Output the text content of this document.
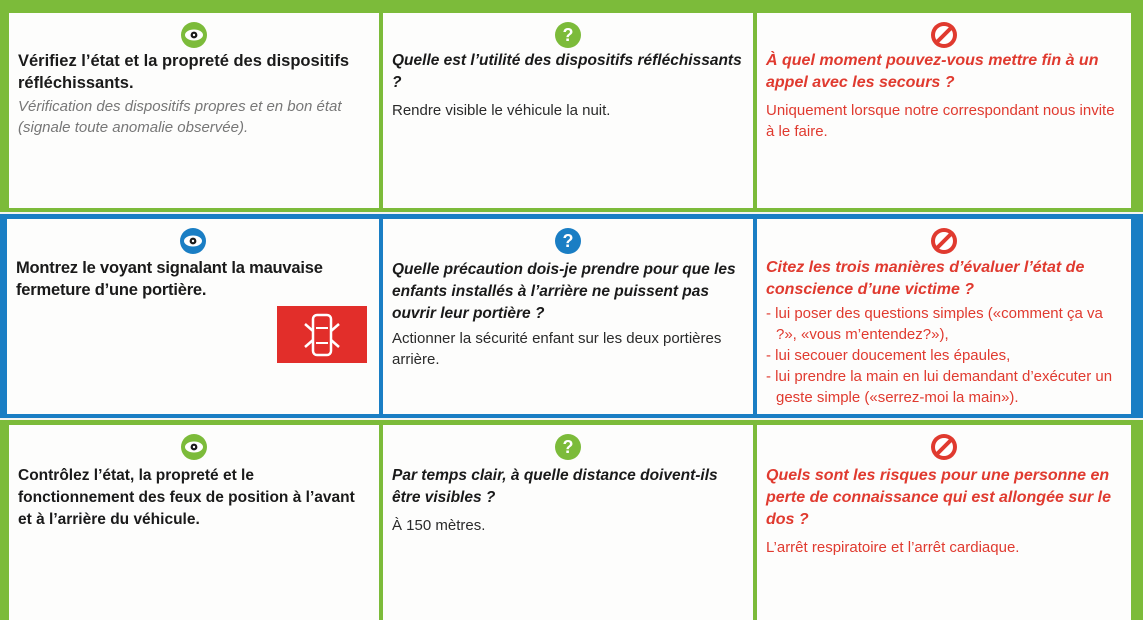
Vérifiez l’état et la propreté des dispositifs réfléchissants.
Vérification des dispositifs propres et en bon état (signale toute anomalie observée).
?
Quelle est l’utilité des dispositifs réfléchissants ?
Rendre visible le véhicule la nuit.
À quel moment pouvez-vous mettre fin à un appel avec les secours ?
Uniquement lorsque notre correspondant nous invite à le faire.
Montrez le voyant signalant la mauvaise fermeture d’une portière.
?
Quelle précaution dois-je prendre pour que les enfants installés à l’arrière ne puissent pas ouvrir leur portière ?
Actionner la sécurité enfant sur les deux portières arrière.
Citez les trois manières d’évaluer l’état de conscience d’une victime ?
- lui poser des questions simples («comment ça va ?», «vous m’entendez?»),
- lui secouer doucement les épaules,
- lui prendre la main en lui demandant d’exécuter un geste simple («serrez-moi la main»).
Contrôlez l’état, la propreté et le fonctionnement des feux de position à l’avant et à l’arrière du véhicule.
?
Par temps clair, à quelle distance doivent-ils être visibles ?
À 150 mètres.
Quels sont les risques pour une personne en perte de connaissance qui est allongée sur le dos ?
L’arrêt respiratoire et l’arrêt cardiaque.
